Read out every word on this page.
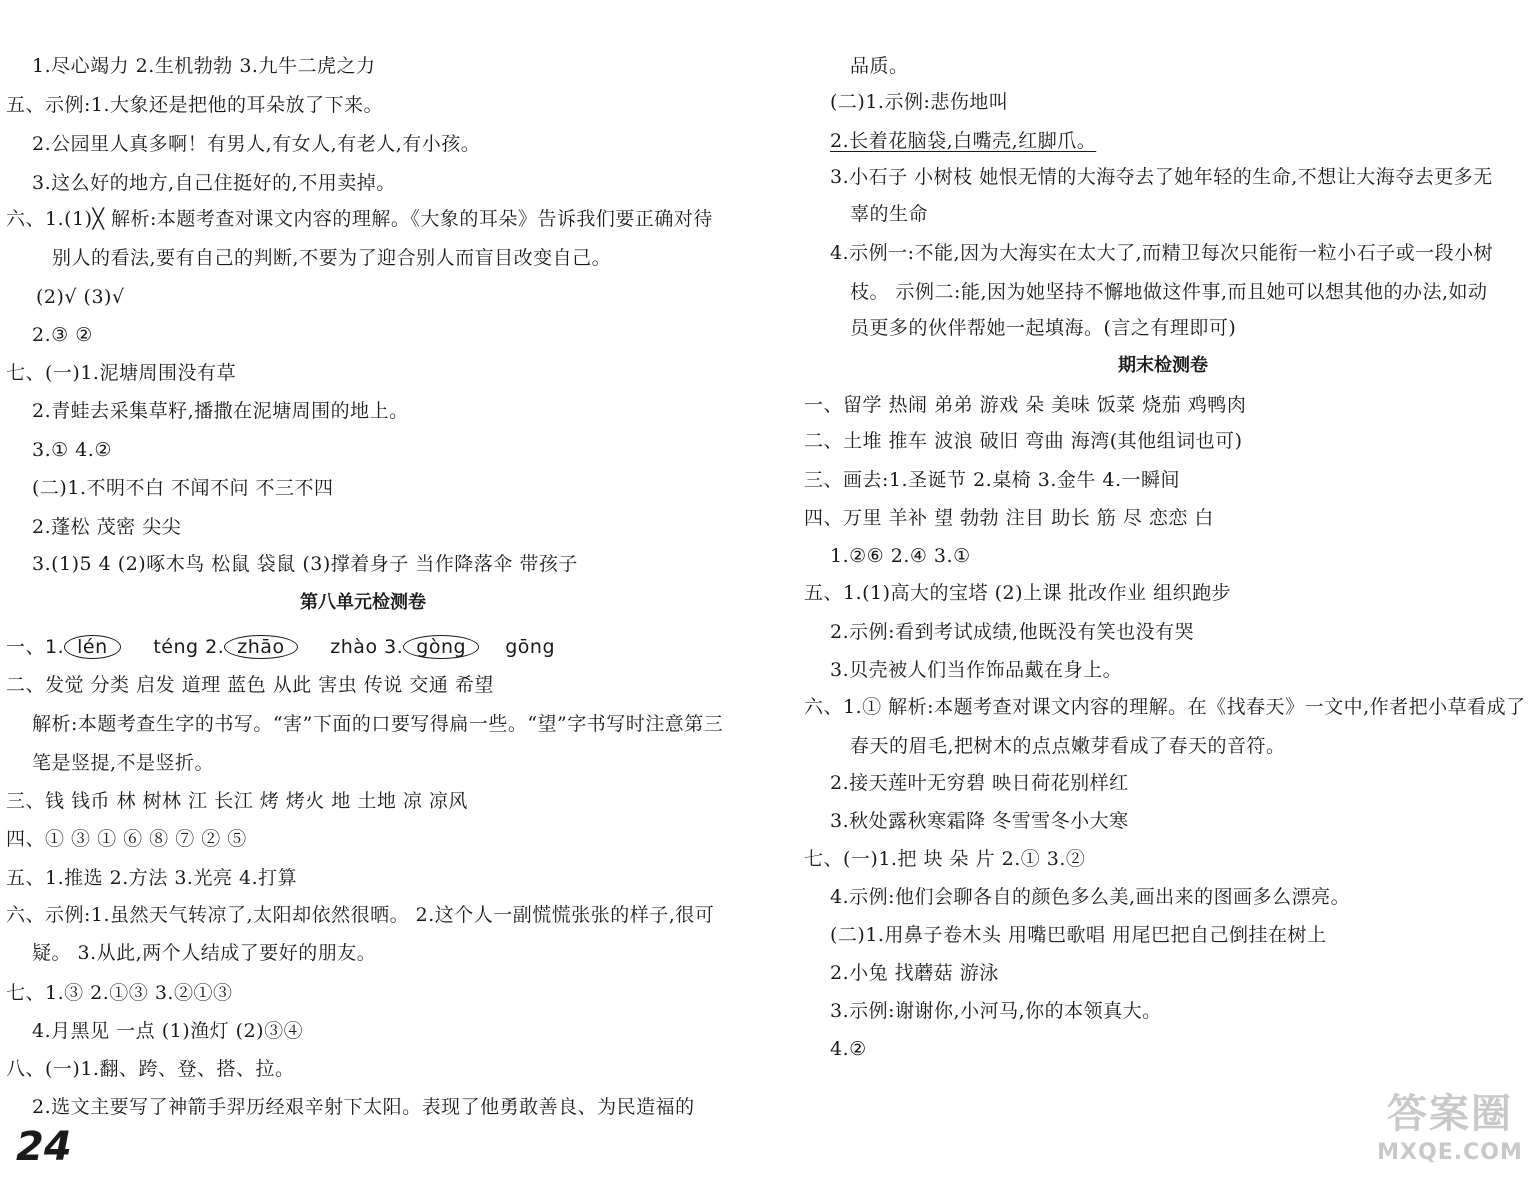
1.尽心竭力 2.生机勃勃 3.九牛二虎之力
五、示例:1.大象还是把他的耳朵放了下来。
2.公园里人真多啊！有男人,有女人,有老人,有小孩。
3.这么好的地方,自己住挺好的,不用卖掉。
六、1.(1)╳ 解析:本题考查对课文内容的理解。《大象的耳朵》告诉我们要正确对待
别人的看法,要有自己的判断,不要为了迎合别人而盲目改变自己。
(2)√ (3)√
2.③ ②
七、(一)1.泥塘周围没有草
2.青蛙去采集草籽,播撒在泥塘周围的地上。
3.① 4.②
(二)1.不明不白 不闻不问 不三不四
2.蓬松 茂密 尖尖
3.(1)5 4 (2)啄木鸟 松鼠 袋鼠 (3)撑着身子 当作降落伞 带孩子
第八单元检测卷
一、1. lén téng 2. zhāo zhào 3. gòng gōng
二、发觉 分类 启发 道理 蓝色 从此 害虫 传说 交通 希望
解析:本题考查生字的书写。“害”下面的口要写得扁一些。“望”字书写时注意第三
笔是竖提,不是竖折。
三、钱 钱币 林 树林 江 长江 烤 烤火 地 土地 凉 凉风
四、① ③ ① ⑥ ⑧ ⑦ ② ⑤
五、1.推选 2.方法 3.光亮 4.打算
六、示例:1.虽然天气转凉了,太阳却依然很晒。 2.这个人一副慌慌张张的样子,很可
疑。 3.从此,两个人结成了要好的朋友。
七、1.③ 2.①③ 3.②①③
4.月黑见 一点 (1)渔灯 (2)③④
八、(一)1.翻、跨、登、搭、拉。
2.选文主要写了神箭手羿历经艰辛射下太阳。表现了他勇敢善良、为民造福的
品质。
(二)1.示例:悲伤地叫
2.长着花脑袋,白嘴壳,红脚爪。
3.小石子 小树枝 她恨无情的大海夺去了她年轻的生命,不想让大海夺去更多无
辜的生命
4.示例一:不能,因为大海实在太大了,而精卫每次只能衔一粒小石子或一段小树
枝。 示例二:能,因为她坚持不懈地做这件事,而且她可以想其他的办法,如动
员更多的伙伴帮她一起填海。(言之有理即可)
期末检测卷
一、留学 热闹 弟弟 游戏 朵 美味 饭菜 烧茄 鸡鸭肉
二、土堆 推车 波浪 破旧 弯曲 海湾(其他组词也可)
三、画去:1.圣诞节 2.桌椅 3.金牛 4.一瞬间
四、万里 羊补 望 勃勃 注目 助长 筋 尽 恋恋 白
1.②⑥ 2.④ 3.①
五、1.(1)高大的宝塔 (2)上课 批改作业 组织跑步
2.示例:看到考试成绩,他既没有笑也没有哭
3.贝壳被人们当作饰品戴在身上。
六、1.① 解析:本题考查对课文内容的理解。在《找春天》一文中,作者把小草看成了
春天的眉毛,把树木的点点嫩芽看成了春天的音符。
2.接天莲叶无穷碧 映日荷花别样红
3.秋处露秋寒霜降 冬雪雪冬小大寒
七、(一)1.把 块 朵 片 2.① 3.②
4.示例:他们会聊各自的颜色多么美,画出来的图画多么漂亮。
(二)1.用鼻子卷木头 用嘴巴歌唱 用尾巴把自己倒挂在树上
2.小兔 找蘑菇 游泳
3.示例:谢谢你,小河马,你的本领真大。
4.②
24
答案圈
MXQE.COM
